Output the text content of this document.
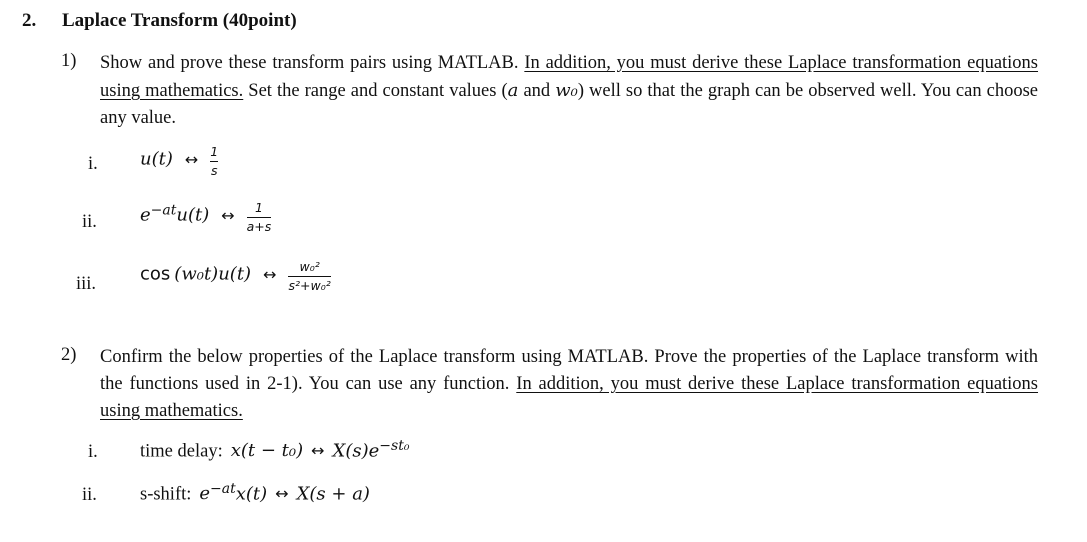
2. Laplace Transform (40point)
1) Show and prove these transform pairs using MATLAB. In addition, you must derive these Laplace transformation equations using mathematics. Set the range and constant values (a and w₀) well so that the graph can be observed well. You can choose any value.
i. u(t) ↔ $\frac{1}{s}$
ii. $e^{-at}u(t)$ ↔ $\frac{1}{a+s}$
iii. cos (w₀t)u(t) ↔ $\frac{\text{w₀²}}{\text{s²+w₀²}}$
2) Confirm the below properties of the Laplace transform using MATLAB. Prove the properties of the Laplace transform with the functions used in 2-1). You can use any function. In addition, you must derive these Laplace transformation equations using mathematics.
i. time delay: x(t − t₀) ↔ $X(s)e^{-st_0}$
ii. s-shift: $e^{-at}x(t)$ ↔ X(s + a)
